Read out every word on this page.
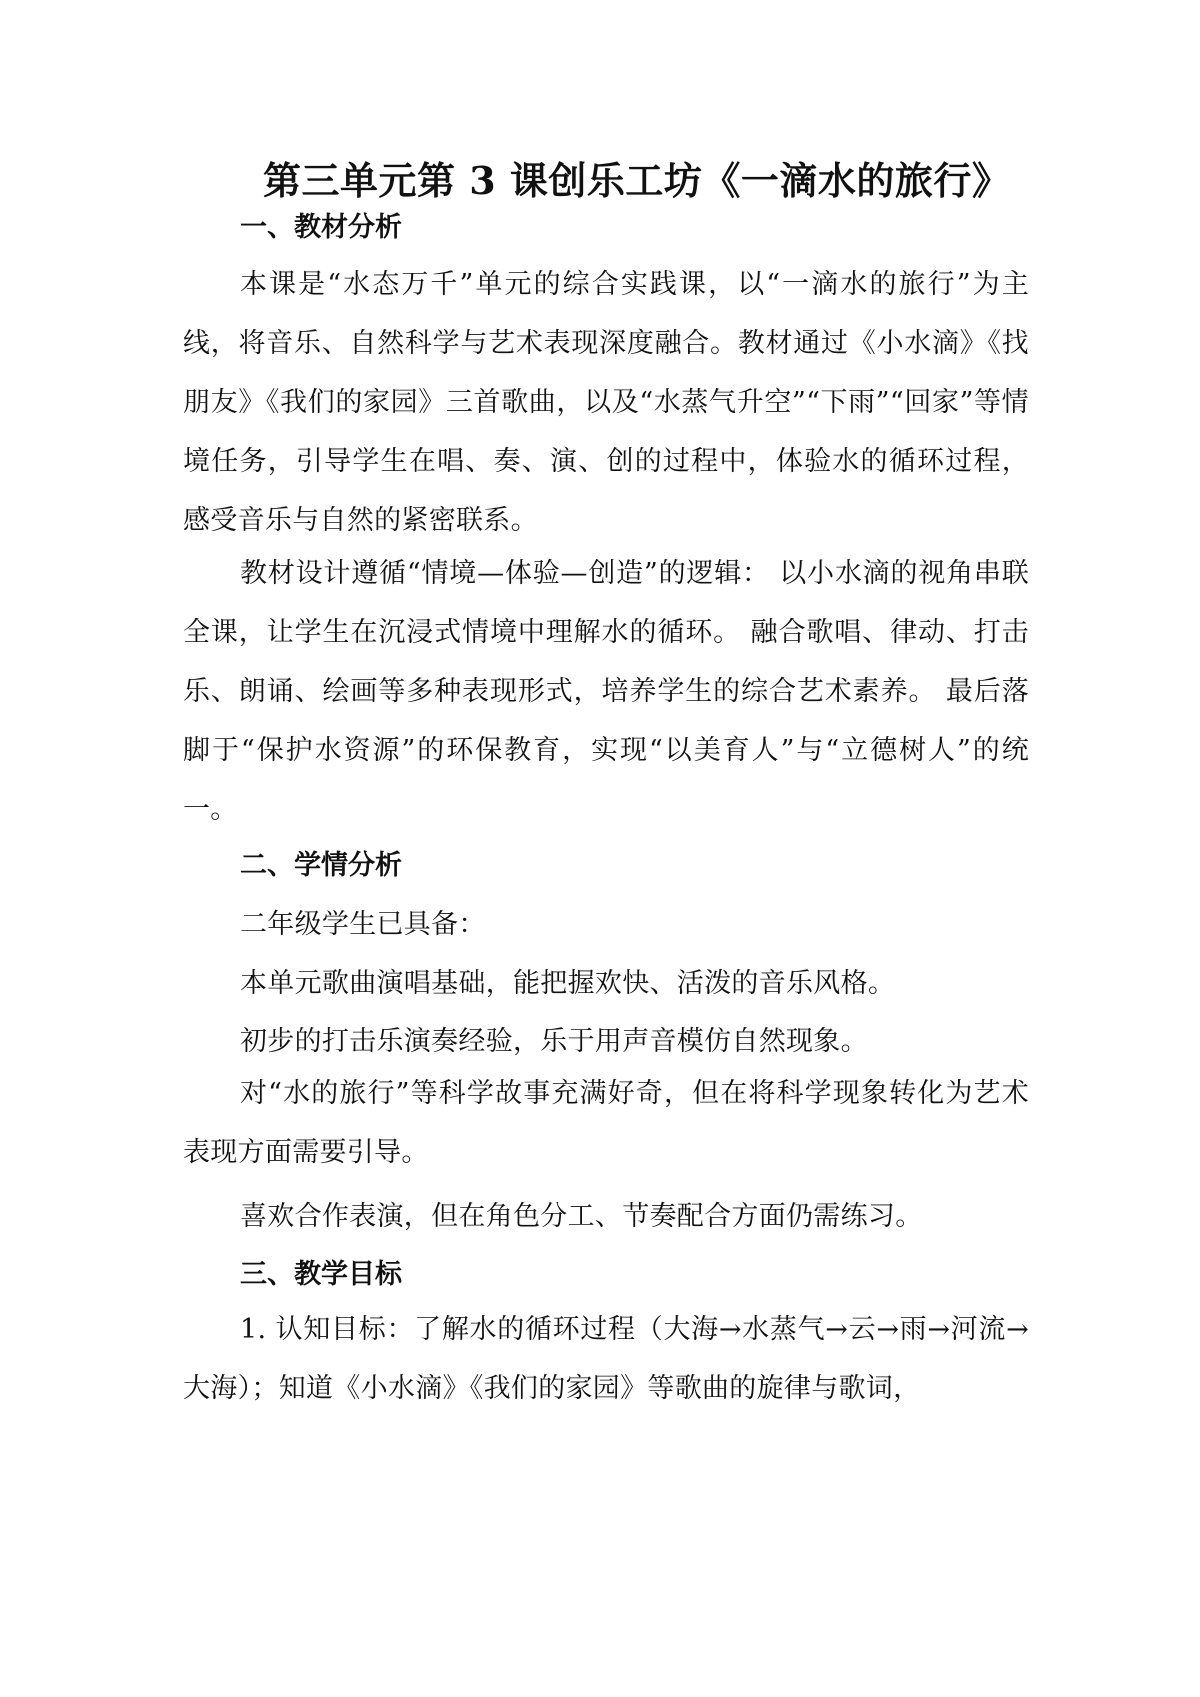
第三单元第 3 课创乐工坊《一滴水的旅行》
一、教材分析

本课是“水态万千”单元的综合实践课，以“一滴水的旅行”为主线，将音乐、自然科学与艺术表现深度融合。教材通过《小水滴》《找朋友》《我们的家园》三首歌曲，以及“水蒸气升空”“下雨”“回家”等情境任务，引导学生在唱、奏、演、创的过程中，体验水的循环过程，感受音乐与自然的紧密联系。

教材设计遵循“情境—体验—创造”的逻辑： 以小水滴的视角串联全课，让学生在沉浸式情境中理解水的循环。 融合歌唱、律动、打击乐、朗诵、绘画等多种表现形式，培养学生的综合艺术素养。 最后落脚于“保护水资源”的环保教育，实现“以美育人”与“立德树人”的统一。

二、学情分析

二年级学生已具备：

本单元歌曲演唱基础，能把握欢快、活泼的音乐风格。

初步的打击乐演奏经验，乐于用声音模仿自然现象。

对“水的旅行”等科学故事充满好奇，但在将科学现象转化为艺术表现方面需要引导。

喜欢合作表演，但在角色分工、节奏配合方面仍需练习。

三、教学目标

1. 认知目标：了解水的循环过程（大海→水蒸气→云→雨→河流→大海）；知道《小水滴》《我们的家园》等歌曲的旋律与歌词，
